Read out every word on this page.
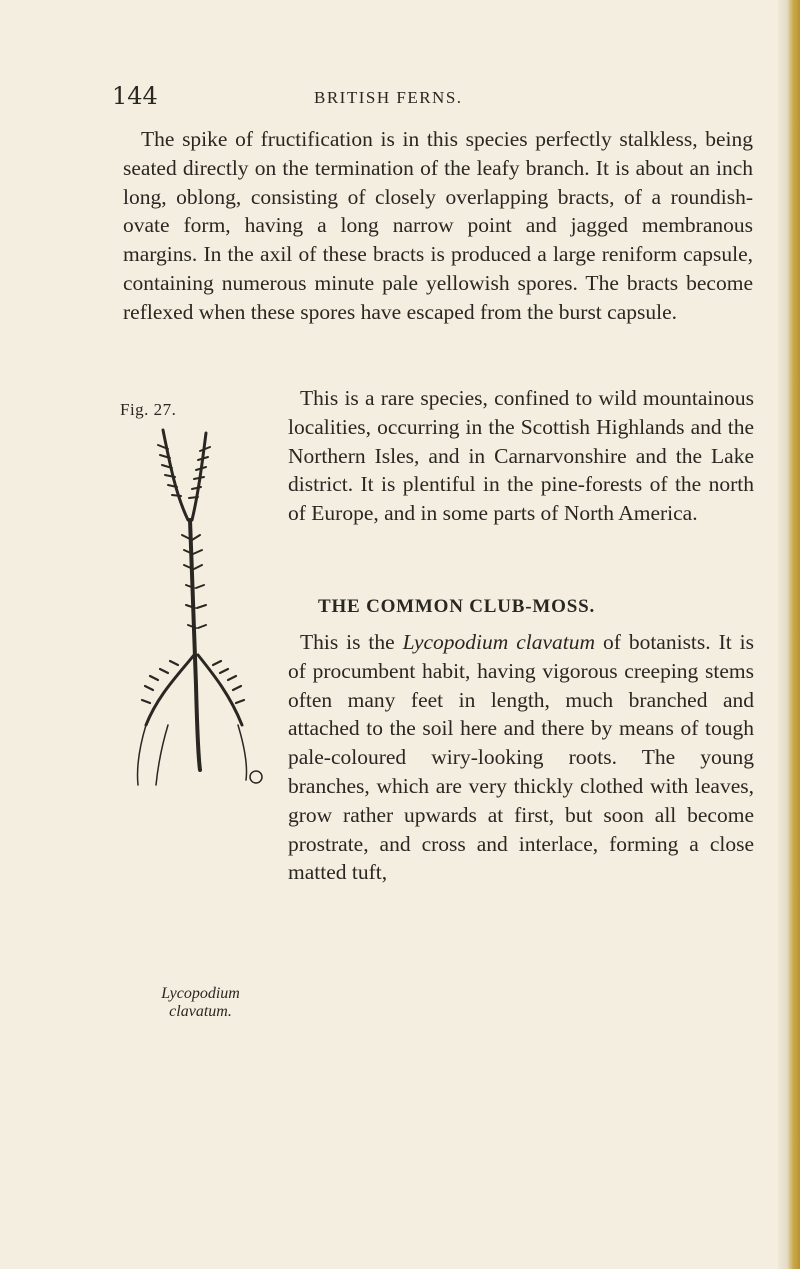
144	BRITISH FERNS.

The spike of fructification is in this species perfectly stalkless, being seated directly on the termination of the leafy branch. It is about an inch long, oblong, consisting of closely overlapping bracts, of a roundish-ovate form, having a long narrow point and jagged membranous margins. In the axil of these bracts is produced a large reniform capsule, containing numerous minute pale yellowish spores. The bracts become reflexed when these spores have escaped from the burst capsule.

Fig. 27.
Lycopodium
clavatum.

This is a rare species, confined to wild mountainous localities, occurring in the Scottish Highlands and the Northern Isles, and in Carnarvonshire and the Lake district. It is plentiful in the pine-forests of the north of Europe, and in some parts of North America.

THE COMMON CLUB-MOSS.

This is the Lycopodium clavatum of botanists. It is of procumbent habit, having vigorous creeping stems often many feet in length, much branched and attached to the soil here and there by means of tough pale-coloured wiry-looking roots. The young branches, which are very thickly clothed with leaves, grow rather upwards at first, but soon all become prostrate, and cross and interlace, forming a close matted tuft,
